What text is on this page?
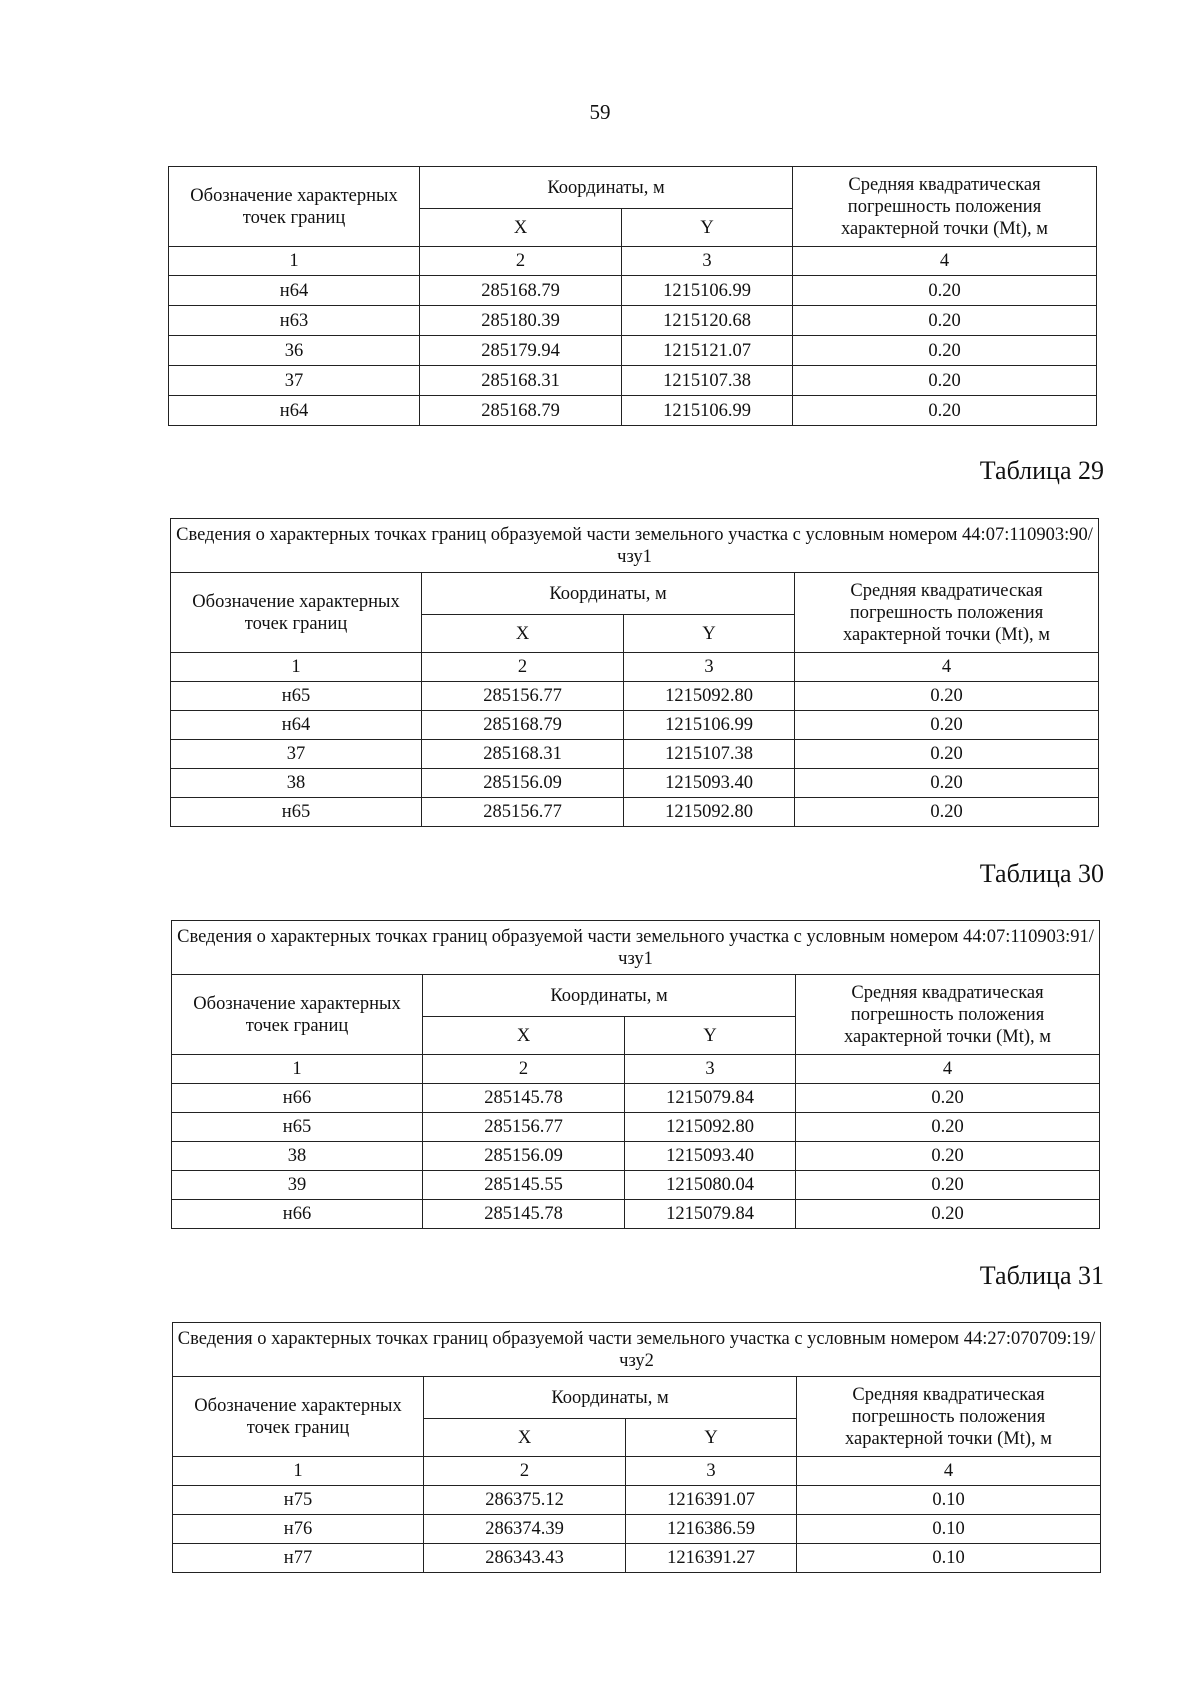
59
Обозначение характерных точек границ	Координаты, м		Средняя квадратическая погрешность положения характерной точки (Mt), м
	X	Y	
1	2	3	4
н64	285168.79	1215106.99	0.20
н63	285180.39	1215120.68	0.20
36	285179.94	1215121.07	0.20
37	285168.31	1215107.38	0.20
н64	285168.79	1215106.99	0.20
Таблица 29
Сведения о характерных точках границ образуемой части земельного участка с условным номером 44:07:110903:90/чзу1			
Обозначение характерных точек границ	Координаты, м		Средняя квадратическая погрешность положения характерной точки (Mt), м
	X	Y	
1	2	3	4
н65	285156.77	1215092.80	0.20
н64	285168.79	1215106.99	0.20
37	285168.31	1215107.38	0.20
38	285156.09	1215093.40	0.20
н65	285156.77	1215092.80	0.20
Таблица 30
Сведения о характерных точках границ образуемой части земельного участка с условным номером 44:07:110903:91/чзу1			
Обозначение характерных точек границ	Координаты, м		Средняя квадратическая погрешность положения характерной точки (Mt), м
	X	Y	
1	2	3	4
н66	285145.78	1215079.84	0.20
н65	285156.77	1215092.80	0.20
38	285156.09	1215093.40	0.20
39	285145.55	1215080.04	0.20
н66	285145.78	1215079.84	0.20
Таблица 31
Сведения о характерных точках границ образуемой части земельного участка с условным номером 44:27:070709:19/чзу2			
Обозначение характерных точек границ	Координаты, м		Средняя квадратическая погрешность положения характерной точки (Mt), м
	X	Y	
1	2	3	4
н75	286375.12	1216391.07	0.10
н76	286374.39	1216386.59	0.10
н77	286343.43	1216391.27	0.10
